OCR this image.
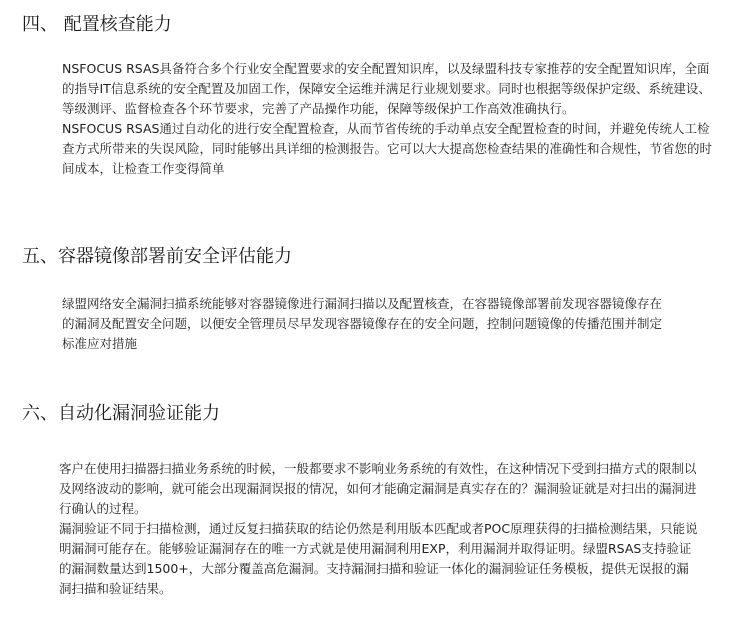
四、 配置核查能力

NSFOCUS RSAS具备符合多个行业安全配置要求的安全配置知识库，以及绿盟科技专家推荐的安全配置知识库，全面的指导IT信息系统的安全配置及加固工作，保障安全运维并满足行业规划要求。同时也根据等级保护定级、系统建设、等级测评、监督检查各个环节要求，完善了产品操作功能，保障等级保护工作高效准确执行。

NSFOCUS RSAS通过自动化的进行安全配置检查，从而节省传统的手动单点安全配置检查的时间，并避免传统人工检查方式所带来的失误风险，同时能够出具详细的检测报告。它可以大大提高您检查结果的准确性和合规性，节省您的时间成本，让检查工作变得简单

五、容器镜像部署前安全评估能力

绿盟网络安全漏洞扫描系统能够对容器镜像进行漏洞扫描以及配置核查，在容器镜像部署前发现容器镜像存在的漏洞及配置安全问题，以便安全管理员尽早发现容器镜像存在的安全问题，控制问题镜像的传播范围并制定标准应对措施

六、自动化漏洞验证能力

客户在使用扫描器扫描业务系统的时候，一般都要求不影响业务系统的有效性，在这种情况下受到扫描方式的限制以及网络波动的影响，就可能会出现漏洞误报的情况，如何才能确定漏洞是真实存在的？漏洞验证就是对扫出的漏洞进行确认的过程。

漏洞验证不同于扫描检测，通过反复扫描获取的结论仍然是利用版本匹配或者POC原理获得的扫描检测结果，只能说明漏洞可能存在。能够验证漏洞存在的唯一方式就是使用漏洞利用EXP，利用漏洞并取得证明。绿盟RSAS支持验证的漏洞数量达到1500+，大部分覆盖高危漏洞。支持漏洞扫描和验证一体化的漏洞验证任务模板，提供无误报的漏洞扫描和验证结果。
